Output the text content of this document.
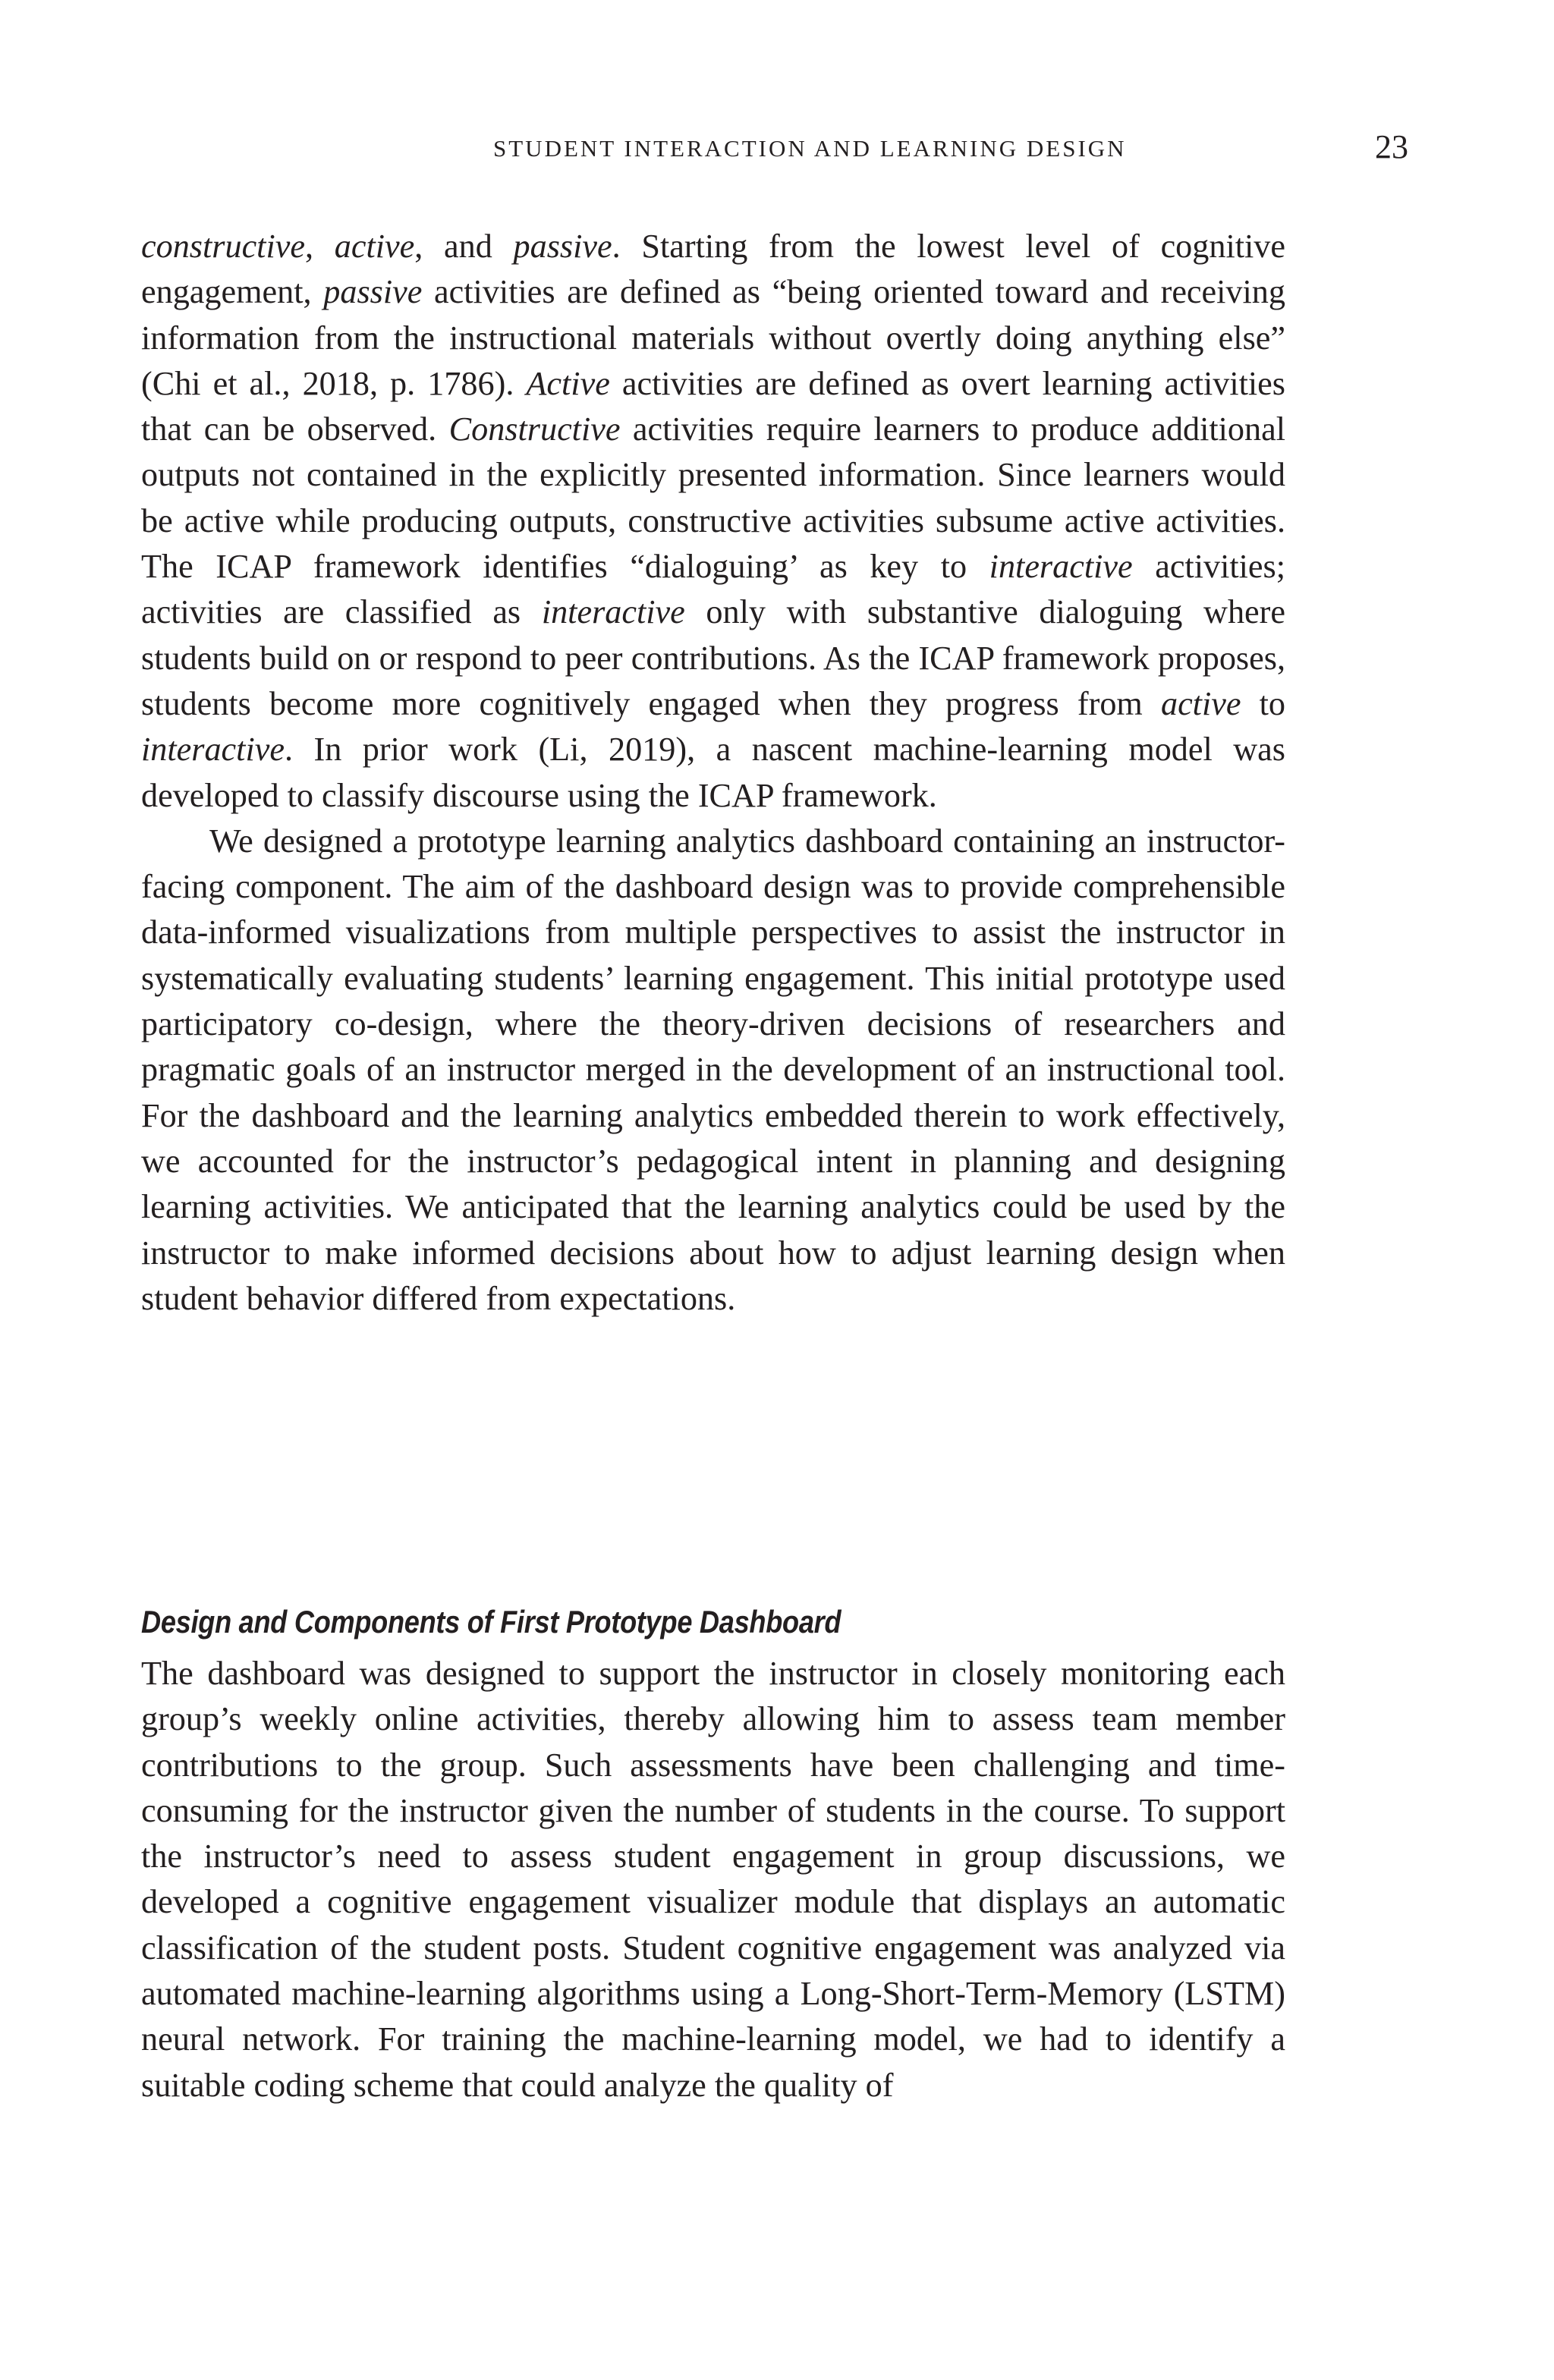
STUDENT INTERACTION AND LEARNING DESIGN	23

constructive, active, and passive. Starting from the lowest level of cognitive engagement, passive activities are defined as “being oriented toward and receiving information from the instructional materials without overtly doing anything else” (Chi et al., 2018, p. 1786). Active activities are defined as overt learning activities that can be observed. Constructive activities require learners to produce additional outputs not contained in the explicitly presented information. Since learners would be active while producing outputs, constructive activities subsume active activities. The ICAP framework identifies “dialoguing’ as key to interactive activities; activities are classified as interactive only with substantive dialoguing where students build on or respond to peer contributions. As the ICAP framework proposes, students become more cognitively engaged when they progress from active to interactive. In prior work (Li, 2019), a nascent machine-learning model was developed to classify discourse using the ICAP framework.

We designed a prototype learning analytics dashboard containing an instructor-facing component. The aim of the dashboard design was to provide comprehensible data-informed visualizations from multiple perspectives to assist the instructor in systematically evaluating students’ learning engagement. This initial prototype used participatory co-design, where the theory-driven decisions of researchers and pragmatic goals of an instructor merged in the development of an instructional tool. For the dashboard and the learning analytics embedded therein to work effectively, we accounted for the instructor’s pedagogical intent in planning and designing learning activities. We anticipated that the learning analytics could be used by the instructor to make informed decisions about how to adjust learning design when student behavior differed from expectations.

Design and Components of First Prototype Dashboard

The dashboard was designed to support the instructor in closely monitoring each group’s weekly online activities, thereby allowing him to assess team member contributions to the group. Such assessments have been challenging and time-consuming for the instructor given the number of students in the course. To support the instructor’s need to assess student engagement in group discussions, we developed a cognitive engagement visualizer module that displays an automatic classification of the student posts. Student cognitive engagement was analyzed via automated machine-learning algorithms using a Long-Short-Term-Memory (LSTM) neural network. For training the machine-learning model, we had to identify a suitable coding scheme that could analyze the quality of
